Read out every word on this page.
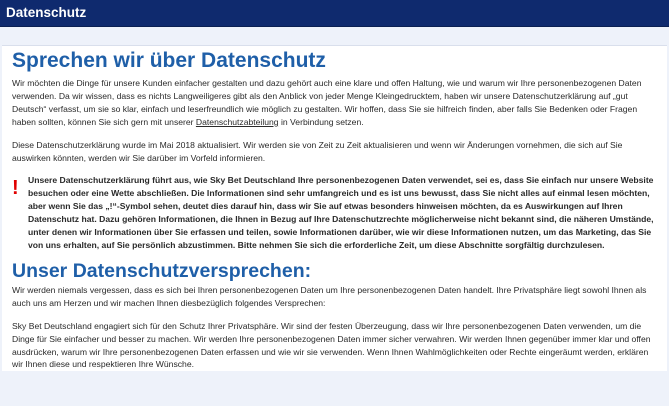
Datenschutz
Sprechen wir über Datenschutz

Wir möchten die Dinge für unsere Kunden einfacher gestalten und dazu gehört auch eine klare und offen Haltung, wie und warum wir Ihre personenbezogenen Daten verwenden. Da wir wissen, dass es nichts Langweiligeres gibt als den Anblick von jeder Menge Kleingedrucktem, haben wir unsere Datenschutzerklärung auf „gut Deutsch“ verfasst, um sie so klar, einfach und leserfreundlich wie möglich zu gestalten. Wir hoffen, dass Sie sie hilfreich finden, aber falls Sie Bedenken oder Fragen haben sollten, können Sie sich gern mit unserer Datenschutzabteilung in Verbindung setzen.

Diese Datenschutzerklärung wurde im Mai 2018 aktualisiert. Wir werden sie von Zeit zu Zeit aktualisieren und wenn wir Änderungen vornehmen, die sich auf Sie auswirken könnten, werden wir Sie darüber im Vorfeld informieren.

!	Unsere Datenschutzerklärung führt aus, wie Sky Bet Deutschland Ihre personenbezogenen Daten verwendet, sei es, dass Sie einfach nur unsere Website besuchen oder eine Wette abschließen. Die Informationen sind sehr umfangreich und es ist uns bewusst, dass Sie nicht alles auf einmal lesen möchten, aber wenn Sie das „!“-Symbol sehen, deutet dies darauf hin, dass wir Sie auf etwas besonders hinweisen möchten, da es Auswirkungen auf Ihren Datenschutz hat. Dazu gehören Informationen, die Ihnen in Bezug auf Ihre Datenschutzrechte möglicherweise nicht bekannt sind, die näheren Umstände, unter denen wir Informationen über Sie erfassen und teilen, sowie Informationen darüber, wie wir diese Informationen nutzen, um das Marketing, das Sie von uns erhalten, auf Sie persönlich abzustimmen. Bitte nehmen Sie sich die erforderliche Zeit, um diese Abschnitte sorgfältig durchzulesen.
Unser Datenschutzversprechen:

Wir werden niemals vergessen, dass es sich bei Ihren personenbezogenen Daten um Ihre personenbezogenen Daten handelt. Ihre Privatsphäre liegt sowohl Ihnen als auch uns am Herzen und wir machen Ihnen diesbezüglich folgendes Versprechen:

Sky Bet Deutschland engagiert sich für den Schutz Ihrer Privatsphäre. Wir sind der festen Überzeugung, dass wir Ihre personenbezogenen Daten verwenden, um die Dinge für Sie einfacher und besser zu machen. Wir werden Ihre personenbezogenen Daten immer sicher verwahren. Wir werden Ihnen gegenüber immer klar und offen ausdrücken, warum wir Ihre personenbezogenen Daten erfassen und wie wir sie verwenden. Wenn Ihnen Wahlmöglichkeiten oder Rechte eingeräumt werden, erklären wir Ihnen diese und respektieren Ihre Wünsche.
